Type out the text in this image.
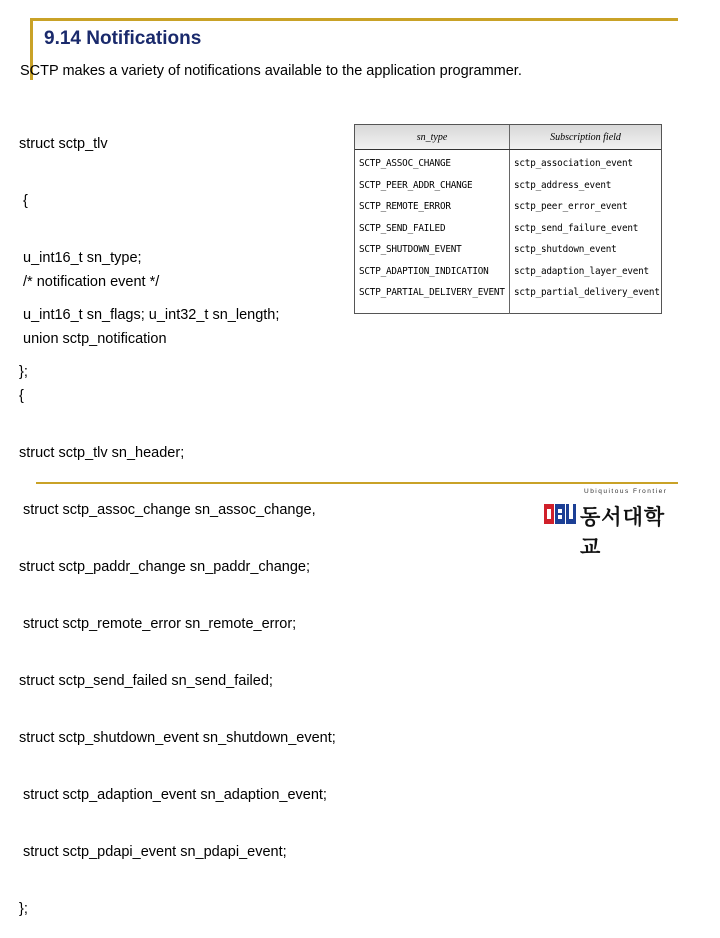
9.14 Notifications
SCTP makes a variety of notifications available to the application programmer.

struct sctp_tlv

{

u_int16_t sn_type;

u_int16_t sn_flags; u_int32_t sn_length;

};

/* notification event */

union sctp_notification

{

struct sctp_tlv sn_header;

struct sctp_assoc_change sn_assoc_change,

struct sctp_paddr_change sn_paddr_change;

struct sctp_remote_error sn_remote_error;

struct sctp_send_failed sn_send_failed;

struct sctp_shutdown_event sn_shutdown_event;

struct sctp_adaption_event sn_adaption_event;

struct sctp_pdapi_event sn_pdapi_event;

};

sn_type	Subscription field
SCTP_ASSOC_CHANGE
SCTP_PEER_ADDR_CHANGE
SCTP_REMOTE_ERROR
SCTP_SEND_FAILED
SCTP_SHUTDOWN_EVENT
SCTP_ADAPTION_INDICATION
SCTP_PARTIAL_DELIVERY_EVENT
sctp_association_event
sctp_address_event
sctp_peer_error_event
sctp_send_failure_event
sctp_shutdown_event
sctp_adaption_layer_event
sctp_partial_delivery_event
Ubiquitous Frontier
동서대학교
